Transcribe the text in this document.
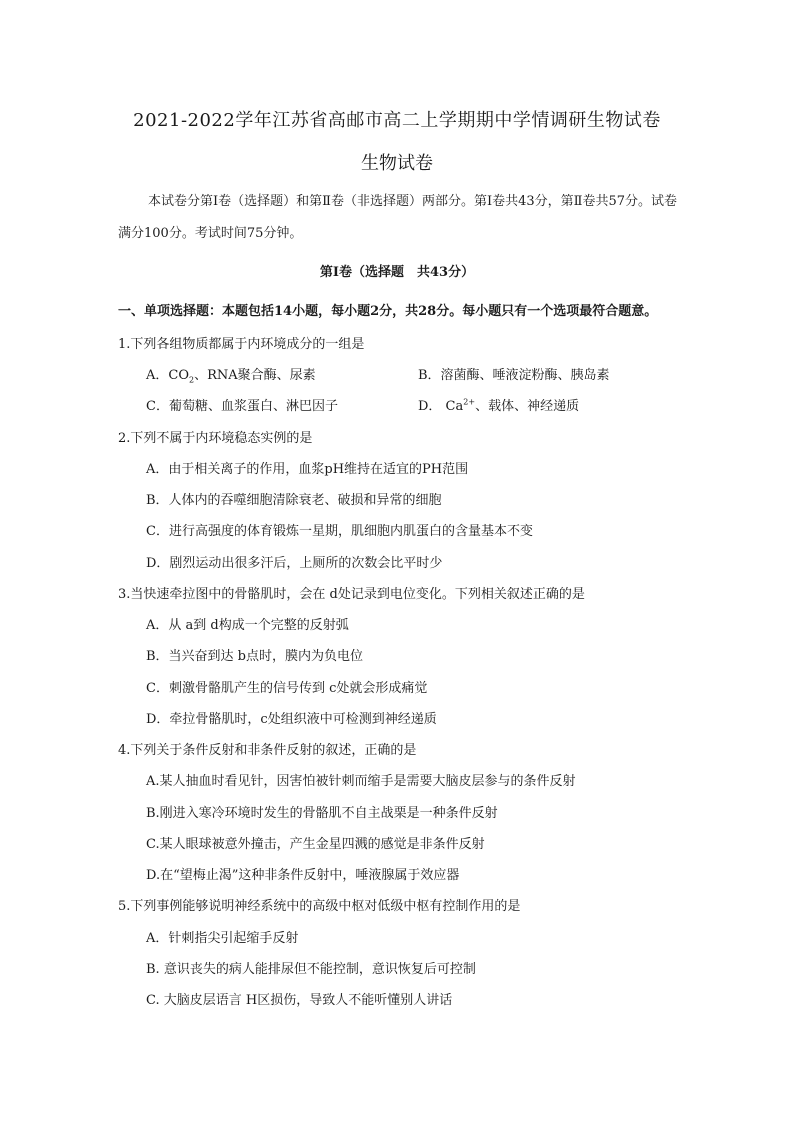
2021-2022学年江苏省高邮市高二上学期期中学情调研生物试卷
生物试卷
本试卷分第Ⅰ卷（选择题）和第Ⅱ卷（非选择题）两部分。第Ⅰ卷共43分，第Ⅱ卷共57分。试卷满分100分。考试时间75分钟。
第Ⅰ卷（选择题　共43分）
一、单项选择题：本题包括14小题，每小题2分，共28分。每小题只有一个选项最符合题意。
1.下列各组物质都属于内环境成分的一组是
A．$CO_2$、RNA聚合酶、尿素	B．溶菌酶、唾液淀粉酶、胰岛素
C．葡萄糖、血浆蛋白、淋巴因子	D． $Ca^{2+}$、载体、神经递质
2.下列不属于内环境稳态实例的是
A．由于相关离子的作用，血浆pH维持在适宜的PH范围
B．人体内的吞噬细胞清除衰老、破损和异常的细胞
C．进行高强度的体育锻炼一星期，肌细胞内肌蛋白的含量基本不变
D．剧烈运动出很多汗后，上厕所的次数会比平时少
3.当快速牵拉图中的骨骼肌时，会在 d处记录到电位变化。下列相关叙述正确的是
A．从 a到 d构成一个完整的反射弧
B．当兴奋到达 b点时，膜内为负电位
C．刺激骨骼肌产生的信号传到 c处就会形成痛觉
D．牵拉骨骼肌时，c处组织液中可检测到神经递质
4.下列关于条件反射和非条件反射的叙述，正确的是
A.某人抽血时看见针，因害怕被针刺而缩手是需要大脑皮层参与的条件反射
B.刚进入寒冷环境时发生的骨骼肌不自主战栗是一种条件反射
C.某人眼球被意外撞击，产生金星四溅的感觉是非条件反射
D.在“望梅止渴”这种非条件反射中，唾液腺属于效应器
5.下列事例能够说明神经系统中的高级中枢对低级中枢有控制作用的是
A．针刺指尖引起缩手反射
B. 意识丧失的病人能排尿但不能控制，意识恢复后可控制
C. 大脑皮层语言 H区损伤，导致人不能听懂别人讲话
